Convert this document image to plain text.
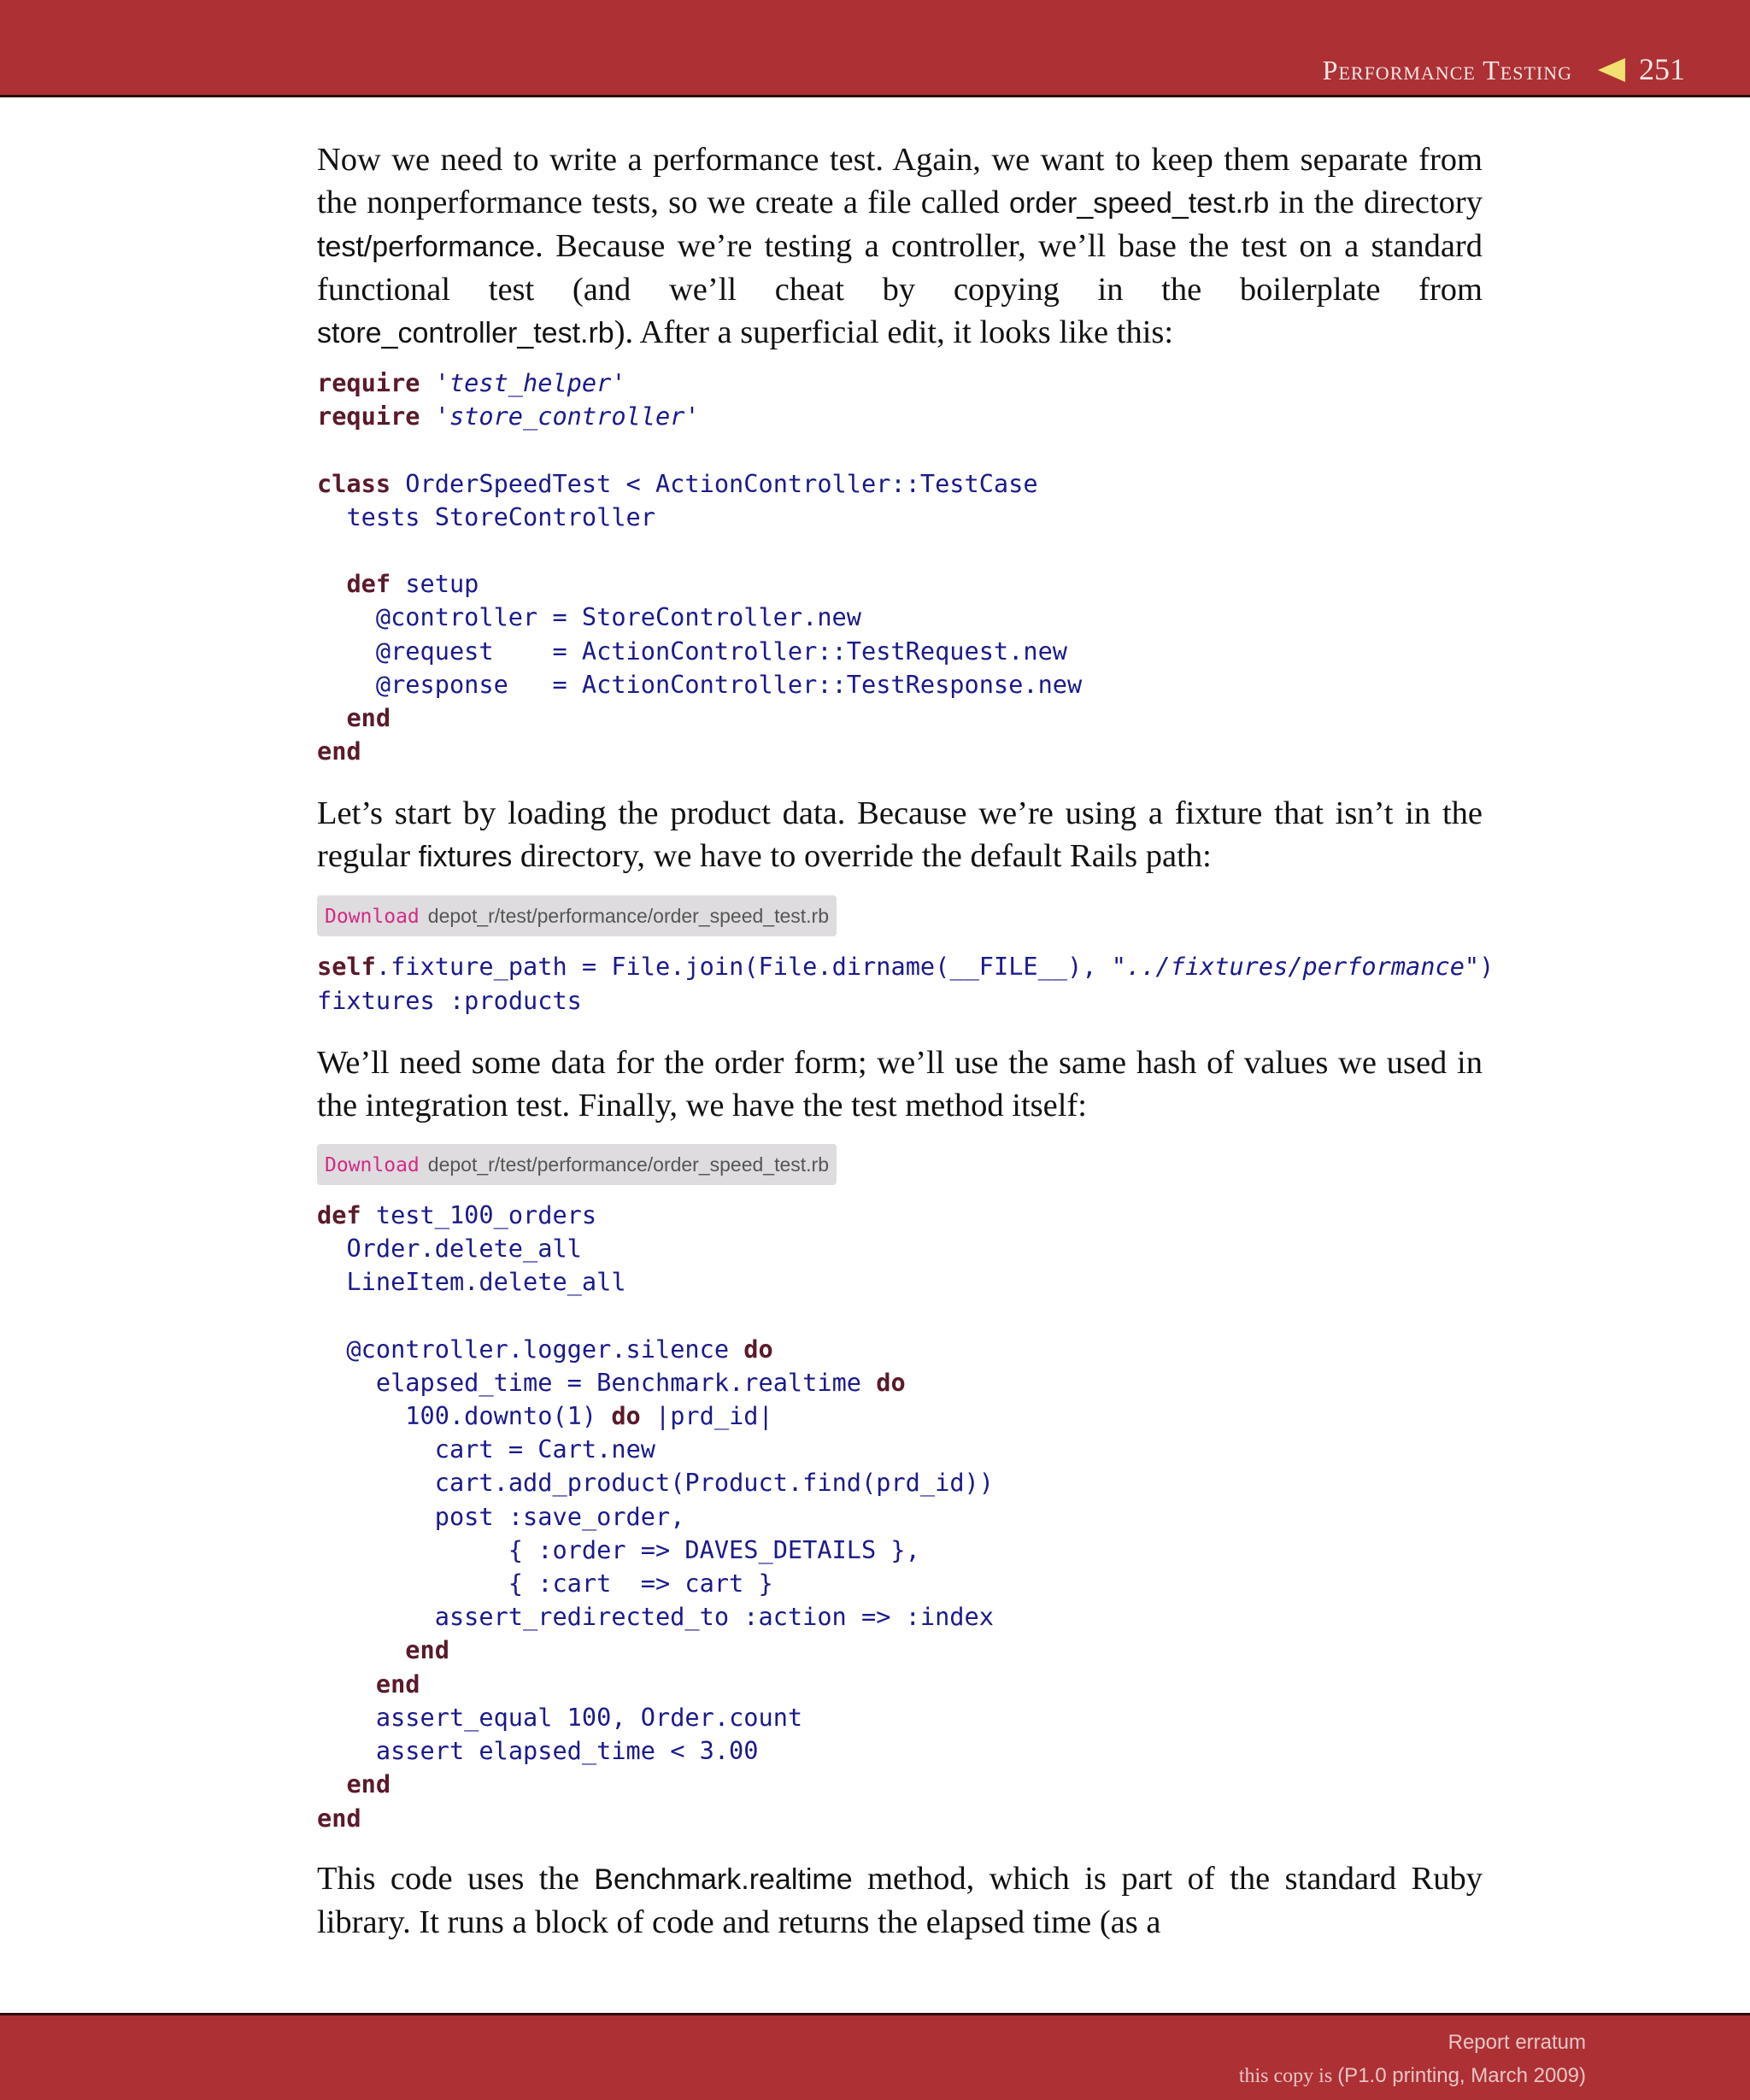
Performance Testing 251

Now we need to write a performance test. Again, we want to keep them separate from the nonperformance tests, so we create a file called order_speed_test.rb in the directory test/performance. Because we’re testing a controller, we’ll base the test on a standard functional test (and we’ll cheat by copying in the boilerplate from store_controller_test.rb). After a superficial edit, it looks like this:

require 'test_helper'
require 'store_controller'

class OrderSpeedTest < ActionController::TestCase
tests StoreController

def setup
@controller = StoreController.new
@request    = ActionController::TestRequest.new
@response   = ActionController::TestResponse.new
end
end

Let’s start by loading the product data. Because we’re using a fixture that isn’t in the regular fixtures directory, we have to override the default Rails path:

Download depot_r/test/performance/order_speed_test.rb
self.fixture_path = File.join(File.dirname(__FILE__), "../fixtures/performance")
fixtures :products

We’ll need some data for the order form; we’ll use the same hash of values we used in the integration test. Finally, we have the test method itself:

Download depot_r/test/performance/order_speed_test.rb
def test_100_orders
Order.delete_all
LineItem.delete_all

@controller.logger.silence do
elapsed_time = Benchmark.realtime do
100.downto(1) do |prd_id|
cart = Cart.new
cart.add_product(Product.find(prd_id))
post :save_order,
{ :order => DAVES_DETAILS },
{ :cart  => cart }
assert_redirected_to :action => :index
end
end
assert_equal 100, Order.count
assert elapsed_time < 3.00
end
end

This code uses the Benchmark.realtime method, which is part of the standard Ruby library. It runs a block of code and returns the elapsed time (as a

Report erratum
this copy is (P1.0 printing, March 2009)
